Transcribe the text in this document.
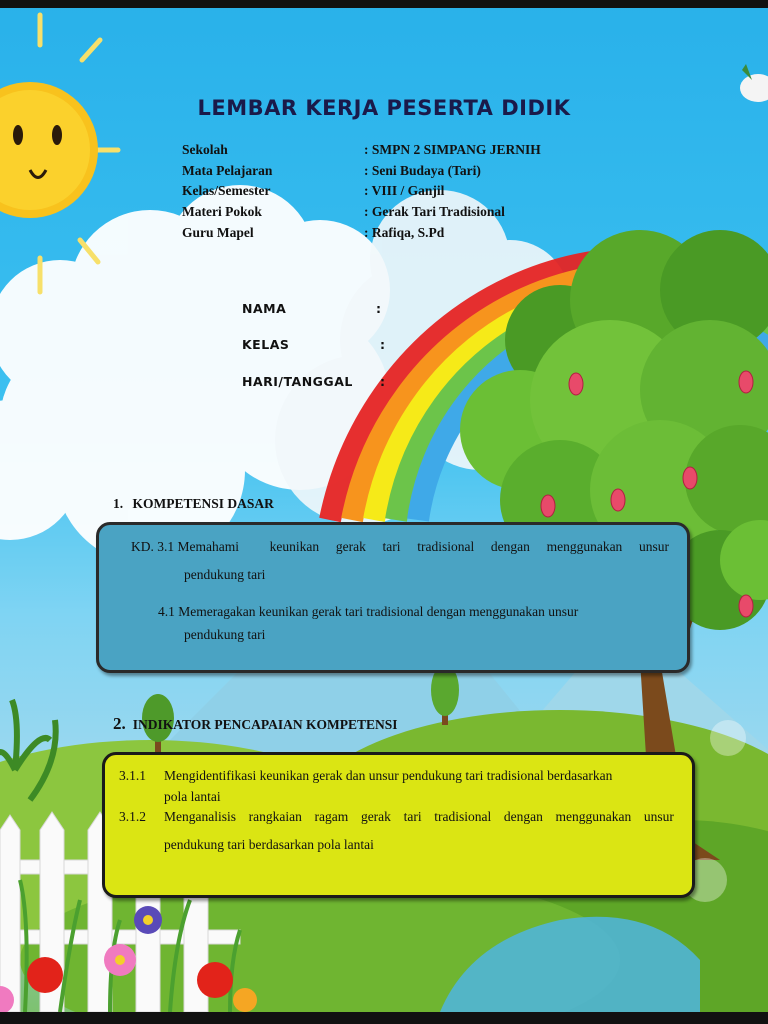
LEMBAR KERJA PESERTA DIDIK
Sekolah	: SMPN 2 SIMPANG JERNIH
Mata Pelajaran	: Seni Budaya (Tari)
Kelas/Semester	: VIII / Ganjil
Materi Pokok	: Gerak Tari Tradisional
Guru Mapel	: Rafiqa, S.Pd
NAMA	:
KELAS	:
HARI/TANGGAL :
1. KOMPETENSI DASAR
KD. 3.1 Memahami keunikan gerak tari tradisional dengan menggunakan unsur
pendukung tari
4.1 Memeragakan keunikan gerak tari tradisional dengan menggunakan unsur
pendukung tari
2. INDIKATOR PENCAPAIAN KOMPETENSI
3.1.1 Mengidentifikasi keunikan gerak dan unsur pendukung tari tradisional berdasarkan
pola lantai
3.1.2 Menganalisis rangkaian ragam gerak tari tradisional dengan menggunakan unsur
pendukung tari berdasarkan pola lantai
